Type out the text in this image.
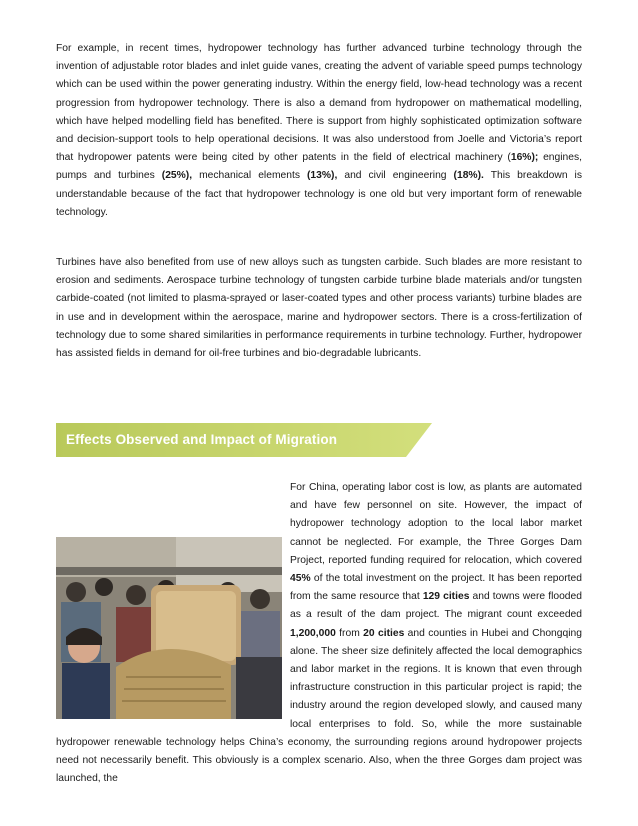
For example, in recent times, hydropower technology has further advanced turbine technology through the invention of adjustable rotor blades and inlet guide vanes, creating the advent of variable speed pumps technology which can be used within the power generating industry. Within the energy field, low-head technology was a recent progression from hydropower technology. There is also a demand from hydropower on mathematical modelling, which have helped modelling field has benefited. There is support from highly sophisticated optimization software and decision-support tools to help operational decisions. It was also understood from Joelle and Victoria’s report that hydropower patents were being cited by other patents in the field of electrical machinery (16%); engines, pumps and turbines (25%), mechanical elements (13%), and civil engineering (18%). This breakdown is understandable because of the fact that hydropower technology is one old but very important form of renewable technology.

Turbines have also benefited from use of new alloys such as tungsten carbide. Such blades are more resistant to erosion and sediments. Aerospace turbine technology of tungsten carbide turbine blade materials and/or tungsten carbide-coated (not limited to plasma-sprayed or laser-coated types and other process variants) turbine blades are in use and in development within the aerospace, marine and hydropower sectors. There is a cross-fertilization of technology due to some shared similarities in performance requirements in turbine technology. Further, hydropower has assisted fields in demand for oil-free turbines and bio-degradable lubricants.

Effects Observed and Impact of Migration
For China, operating labor cost is low, as plants are automated and have few personnel on site. However, the impact of hydropower technology adoption to the local labor market cannot be neglected. For example, the Three Gorges Dam Project, reported funding required for relocation, which covered 45% of the total investment on the project. It has been reported from the same resource that 129 cities and towns were flooded as a result of the dam project. The migrant count exceeded 1,200,000 from 20 cities and counties in Hubei and Chongqing alone. The sheer size definitely affected the local demographics and labor market in the regions. It is known that even through infrastructure construction in this particular project is rapid; the industry around the region developed slowly, and caused many local enterprises to fold. So, while the more sustainable hydropower renewable technology helps China’s economy, the surrounding regions around hydropower projects need not necessarily benefit. This obviously is a complex scenario. Also, when the three Gorges dam project was launched, the
